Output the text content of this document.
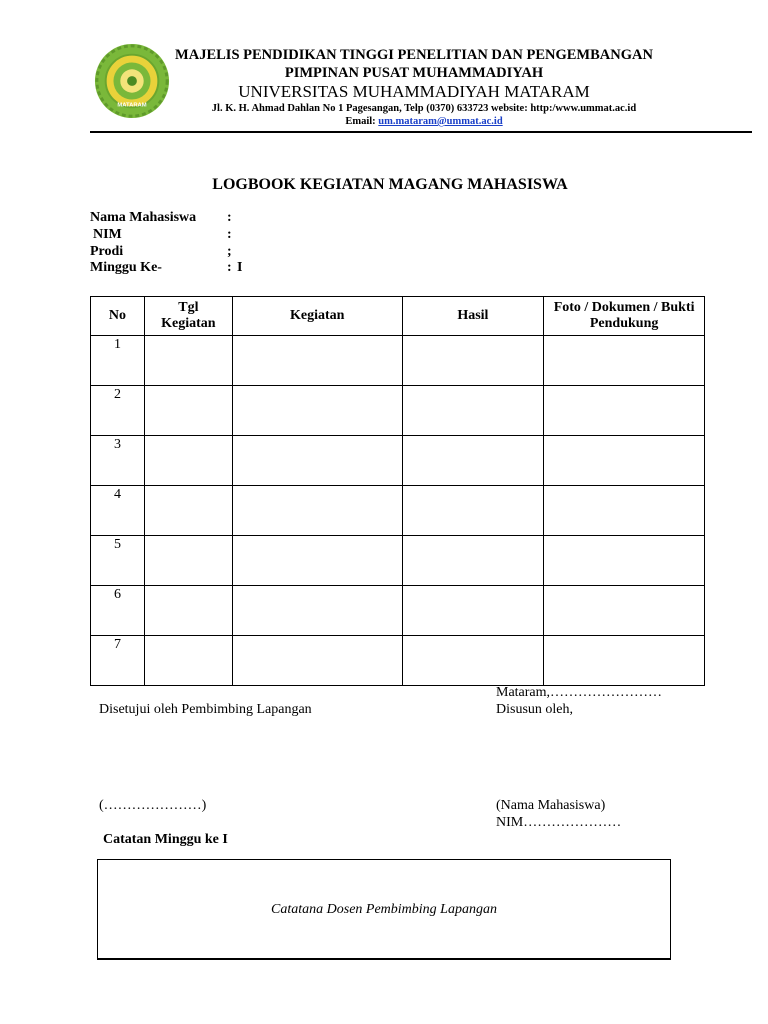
MATARAM
MAJELIS PENDIDIKAN TINGGI PENELITIAN DAN PENGEMBANGAN
PIMPINAN PUSAT MUHAMMADIYAH
UNIVERSITAS MUHAMMADIYAH MATARAM
Jl. K. H. Ahmad Dahlan No 1 Pagesangan, Telp (0370) 633723 website: http:/www.ummat.ac.id
Email: um.mataram@ummat.ac.id
LOGBOOK KEGIATAN MAGANG MAHASISWA
Nama Mahasiswa :
NIM	:
Prodi	;
Minggu Ke-	: I
No	Tgl Kegiatan	Kegiatan	Hasil	Foto / Dokumen / Bukti Pendukung
1				
2				
3				
4				
5				
6				
7				
Mataram,……………………
Disetujui oleh Pembimbing Lapangan	Disusun oleh,
(…………………)	(Nama Mahasiswa)
NIM…………………
Catatan Minggu ke I
Catatana Dosen Pembimbing Lapangan
